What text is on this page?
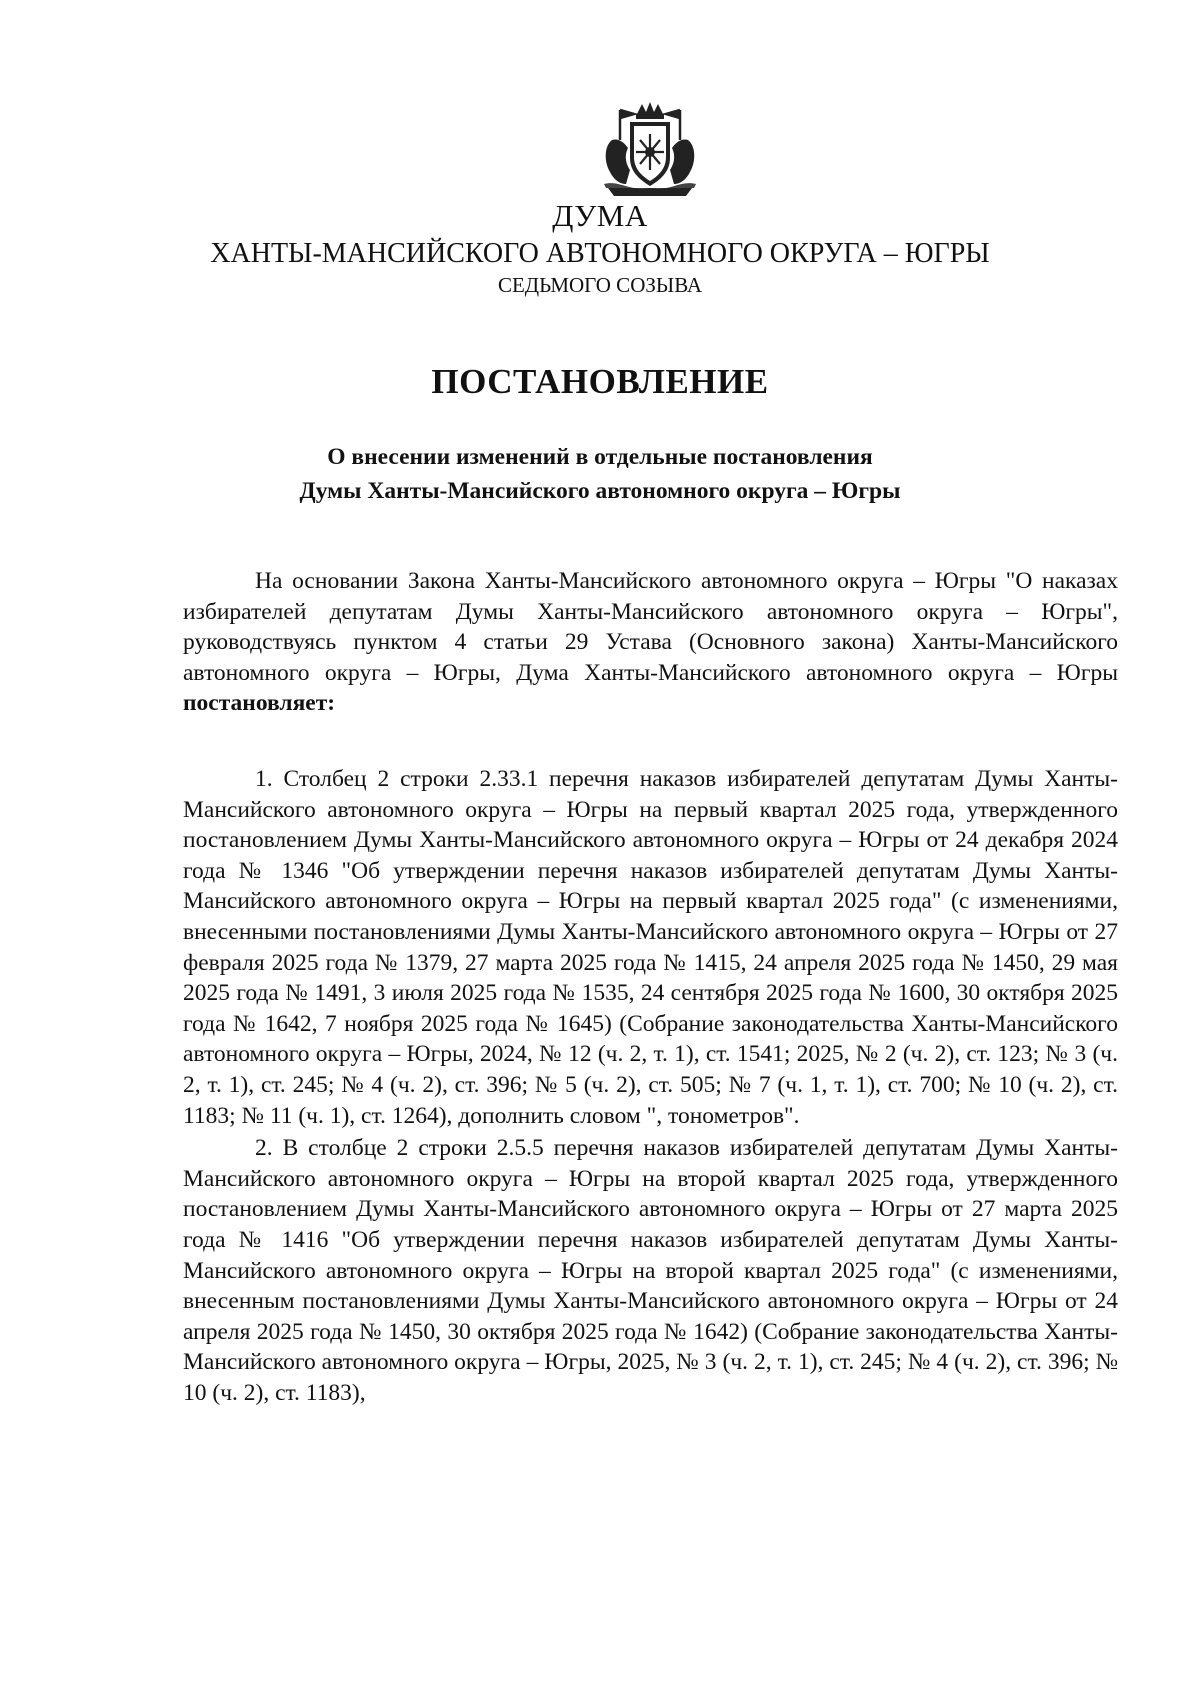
ДУМА
ХАНТЫ-МАНСИЙСКОГО АВТОНОМНОГО ОКРУГА – ЮГРЫ
СЕДЬМОГО СОЗЫВА
ПОСТАНОВЛЕНИЕ
О внесении изменений в отдельные постановления
Думы Ханты-Мансийского автономного округа – Югры

На основании Закона Ханты-Мансийского автономного округа – Югры "О наказах избирателей депутатам Думы Ханты-Мансийского автономного округа – Югры", руководствуясь пунктом 4 статьи 29 Устава (Основного закона) Ханты-Мансийского автономного округа – Югры, Дума Ханты-Мансийского автономного округа – Югры постановляет:

1. Столбец 2 строки 2.33.1 перечня наказов избирателей депутатам Думы Ханты-Мансийского автономного округа – Югры на первый квартал 2025 года, утвержденного постановлением Думы Ханты-Мансийского автономного округа – Югры от 24 декабря 2024 года № 1346 "Об утверждении перечня наказов избирателей депутатам Думы Ханты-Мансийского автономного округа – Югры на первый квартал 2025 года" (с изменениями, внесенными постановлениями Думы Ханты-Мансийского автономного округа – Югры от 27 февраля 2025 года № 1379, 27 марта 2025 года № 1415, 24 апреля 2025 года № 1450, 29 мая 2025 года № 1491, 3 июля 2025 года № 1535, 24 сентября 2025 года № 1600, 30 октября 2025 года № 1642, 7 ноября 2025 года № 1645) (Собрание законодательства Ханты-Мансийского автономного округа – Югры, 2024, № 12 (ч. 2, т. 1), ст. 1541; 2025, № 2 (ч. 2), ст. 123; № 3 (ч. 2, т. 1), ст. 245; № 4 (ч. 2), ст. 396; № 5 (ч. 2), ст. 505; № 7 (ч. 1, т. 1), ст. 700; № 10 (ч. 2), ст. 1183; № 11 (ч. 1), ст. 1264), дополнить словом ", тонометров".

2. В столбце 2 строки 2.5.5 перечня наказов избирателей депутатам Думы Ханты-Мансийского автономного округа – Югры на второй квартал 2025 года, утвержденного постановлением Думы Ханты-Мансийского автономного округа – Югры от 27 марта 2025 года № 1416 "Об утверждении перечня наказов избирателей депутатам Думы Ханты-Мансийского автономного округа – Югры на второй квартал 2025 года" (с изменениями, внесенным постановлениями Думы Ханты-Мансийского автономного округа – Югры от 24 апреля 2025 года № 1450, 30 октября 2025 года № 1642) (Собрание законодательства Ханты-Мансийского автономного округа – Югры, 2025, № 3 (ч. 2, т. 1), ст. 245; № 4 (ч. 2), ст. 396; № 10 (ч. 2), ст. 1183),
